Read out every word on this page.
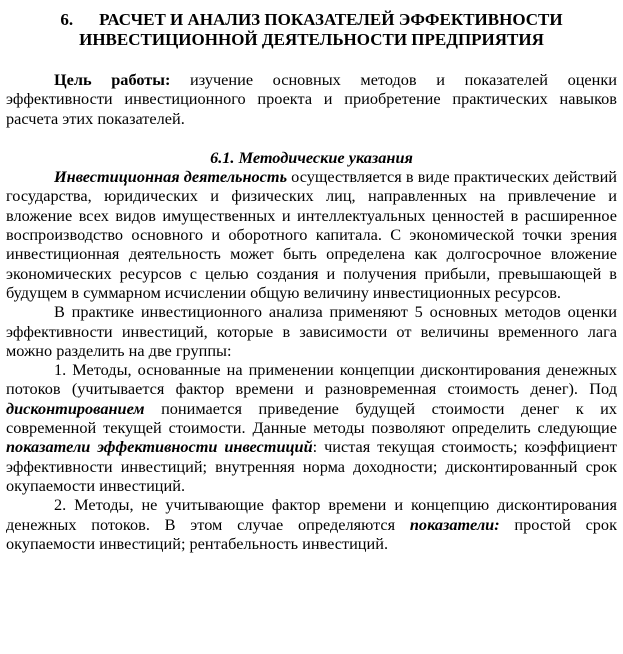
6. РАСЧЕТ И АНАЛИЗ ПОКАЗАТЕЛЕЙ ЭФФЕКТИВНОСТИ
ИНВЕСТИЦИОННОЙ ДЕЯТЕЛЬНОСТИ ПРЕДПРИЯТИЯ

Цель работы: изучение основных методов и показателей оценки эффективности инвестиционного проекта и приобретение практических навыков расчета этих показателей.

6.1. Методические указания

Инвестиционная деятельность осуществляется в виде практических действий государства, юридических и физических лиц, направленных на привлечение и вложение всех видов имущественных и интеллектуальных ценностей в расширенное воспроизводство основного и оборотного капитала. С экономической точки зрения инвестиционная деятельность может быть определена как долгосрочное вложение экономических ресурсов с целью создания и получения прибыли, превышающей в будущем в суммарном исчислении общую величину инвестиционных ресурсов.

В практике инвестиционного анализа применяют 5 основных методов оценки эффективности инвестиций, которые в зависимости от величины временного лага можно разделить на две группы:

1. Методы, основанные на применении концепции дисконтирования денежных потоков (учитывается фактор времени и разновременная стоимость денег). Под дисконтированием понимается приведение будущей стоимости денег к их современной текущей стоимости. Данные методы позволяют определить следующие показатели эффективности инвестиций: чистая текущая стоимость; коэффициент эффективности инвестиций; внутренняя норма доходности; дисконтированный срок окупаемости инвестиций.

2. Методы, не учитывающие фактор времени и концепцию дисконтирования денежных потоков. В этом случае определяются показатели: простой срок окупаемости инвестиций; рентабельность инвестиций.
